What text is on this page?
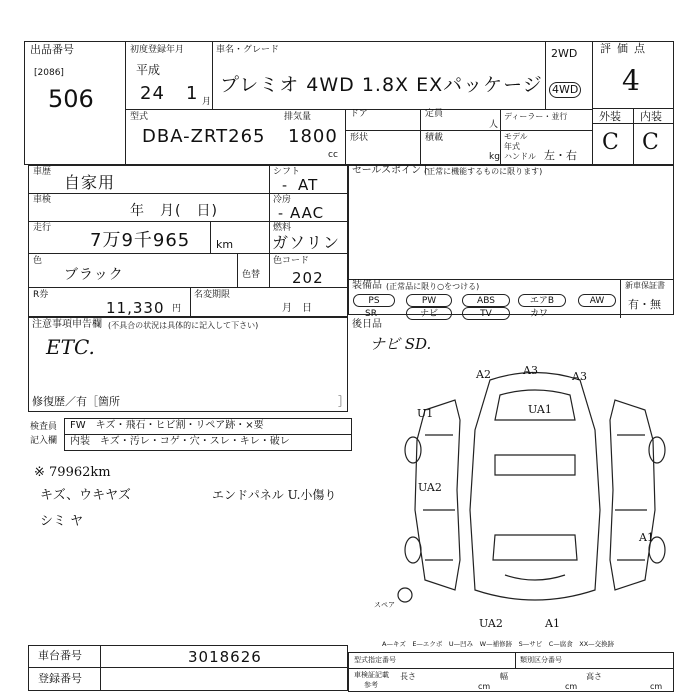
出品番号
[2086]
506
初度登録年月
平成
24 1 月
車名・グレード
プレミオ 4WD 1.8X EXパッケージ
2WD
4WD
評価点
4
型式
DBA-ZRT265
排気量
1800
cc
ドア	定員
人
ディーラー・並行
形状	積載
kg
モデル年式
ハンドル 左・右
外装 内装
C C
車歴
自家用
シフト
- AT
車検
年　月(　日)
冷房
- AAC
走行
7万9千965 km
燃料
ガソリン
色
ブラック	色替
色コード
202
R券
11,330 円
名変期限
月　日
セールスポイント
(正常に機能するものに限ります)
装備品 (正常品に限り○をつける)	新車保証書
有・無
PS	PW	ABS	エアB	AW
SR	ナビ	TV	カワ
後日品
ナビ SD.
注意事項申告欄 (不具合の状況は具体的に記入して下さい)
ETC.
修復歴／有［箇所	］
検査員
記入欄
FW　キズ・飛石・ヒビ割・リペア跡・×要
内装　キズ・汚レ・コゲ・穴・スレ・キレ・破レ
※ 79962km
キズ、ウキヤズ
シミ ヤ
エンドパネル U.小傷り
A2	A3	A3
U1	UA1
UA2
A1
UA2	A1
スペア
A—キズ　E—エクボ　U—凹み　W—補修跡　S—サビ　C—腐食　XX—交換跡
車台番号	3018626
登録番号
型式指定番号	類別区分番号
車検証記載
参考
長さ	幅	高さ
cm	cm	cm
